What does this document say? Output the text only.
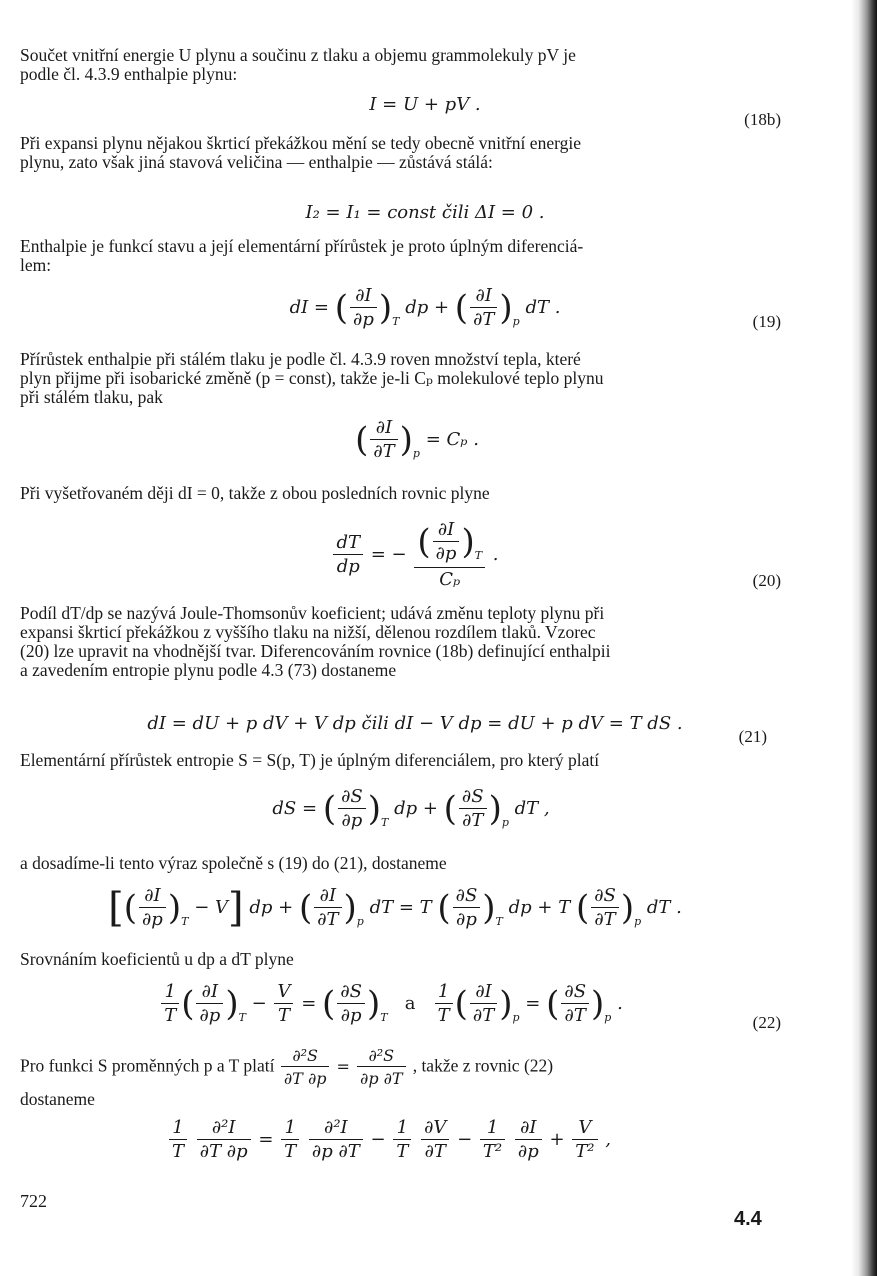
Součet vnitřní energie U plynu a součinu z tlaku a objemu grammolekuly pV je
podle čl. 4.3.9 enthalpie plynu:
I = U + pV .
(18b)
Při expansi plynu nějakou škrticí překážkou mění se tedy obecně vnitřní energie
plynu, zato však jiná stavová veličina — enthalpie — zůstává stálá:
I₂ = I₁ = const čili ΔI = 0 .
Enthalpie je funkcí stavu a její elementární přírůstek je proto úplným diferenciá-
lem:
dI = ( $\frac{\partial I}{\partial p} )_T$ dp + ( $\frac{\partial I}{\partial T} )_p$ dT .
(19)
Přírůstek enthalpie při stálém tlaku je podle čl. 4.3.9 roven množství tepla, které
plyn přijme při isobarické změně (p = const), takže je-li Cₚ molekulové teplo plynu
při stálém tlaku, pak
( $\frac{\partial I}{\partial T} )_p = C_p$ .
Při vyšetřovaném ději dI = 0, takže z obou posledních rovnic plyne
$\frac{dT}{dp}$ = − $\frac{( \frac{\partial I}{\partial p} )_T}{\text{Cₚ}}$ .
(20)
Podíl dT/dp se nazývá Joule-Thomsonův koeficient; udává změnu teploty plynu při
expansi škrticí překážkou z vyššího tlaku na nižší, dělenou rozdílem tlaků. Vzorec
(20) lze upravit na vhodnější tvar. Diferencováním rovnice (18b) definující enthalpii
a zavedením entropie plynu podle 4.3 (73) dostaneme
dI = dU + p dV + V dp čili dI − V dp = dU + p dV = T dS .
(21)
Elementární přírůstek entropie S = S(p, T) je úplným diferenciálem, pro který platí
dS = ( $\frac{\partial S}{\partial p} )_T$ dp + ( $\frac{\partial S}{\partial T} )_p$ dT ,
a dosadíme-li tento výraz společně s (19) do (21), dostaneme
[( $\frac{\partial I}{\partial p} )_T - V$] dp + ( $\frac{\partial I}{\partial T} )_p$ dT = T ( $\frac{\partial S}{\partial p} )_T$ dp + T ( $\frac{\partial S}{\partial T} )_p$ dT .
Srovnáním koeficientů u dp a dT plyne
$\frac{1}{T}$ ( $\frac{\partial I}{\partial p} )_T - \frac{V}{T}$ = ( $\frac{\partial S}{\partial p} )_T$   a $\frac{1}{T}$ ( $\frac{\partial I}{\partial T} )_p$ = ( $\frac{\partial S}{\partial T} )_p$ .
(22)
Pro funkci S proměnných p a T platí $\frac{\text{∂²S}}{\partial T \partial p} = \frac{\text{∂²S}}{\partial p \partial T}$ , takže z rovnic (22)
dostaneme
$\frac{1}{T}$
$\frac{\text{∂²I}}{\partial T \partial p} = \frac{1}{T}$
$\frac{\text{∂²I}}{\partial p \partial T} - \frac{1}{T}$
$\frac{\partial V}{\partial T} - \frac{1}{\text{T²}}$
$\frac{\partial I}{\partial p} + \frac{V}{\text{T²}}$ ,
722
4.4
